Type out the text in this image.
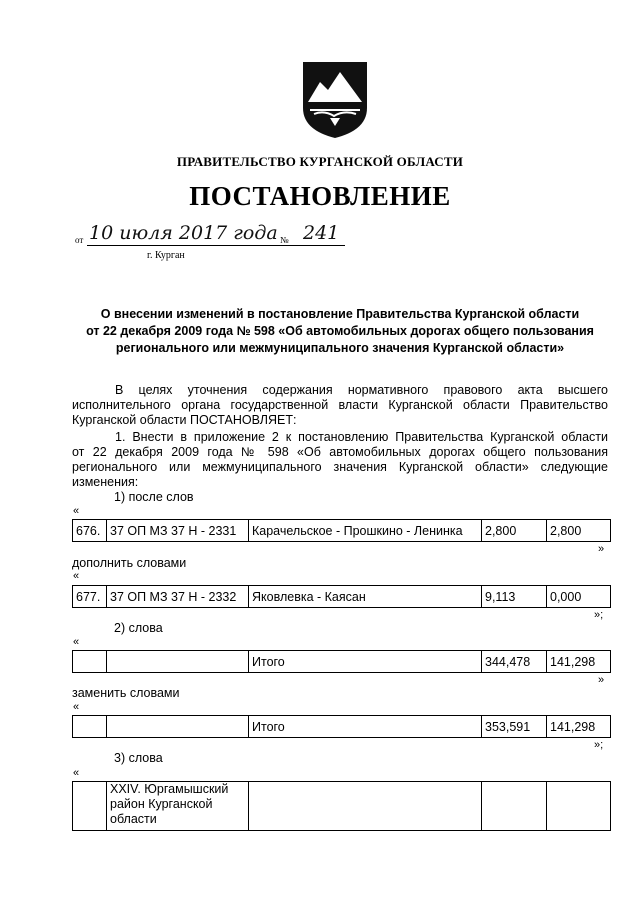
ПРАВИТЕЛЬСТВО КУРГАНСКОЙ ОБЛАСТИ
ПОСТАНОВЛЕНИЕ
от 10 июля 2017 года № 241
г. Курган
О внесении изменений в постановление Правительства Курганской области
от 22 декабря 2009 года № 598 «Об автомобильных дорогах общего пользования
регионального или межмуниципального значения Курганской области»
В целях уточнения содержания нормативного правового акта высшего
исполнительного органа государственной власти Курганской области Правительство
Курганской области ПОСТАНОВЛЯЕТ:
1. Внести в приложение 2 к постановлению Правительства Курганской области
от 22 декабря 2009 года № 598 «Об автомобильных дорогах общего пользования
регионального или межмуниципального значения Курганской области» следующие
изменения:
1) после слов
«
676.	37 ОП МЗ 37 Н - 2331	Карачельское - Прошкино - Ленинка	2,800	2,800
»
дополнить словами
«
677.	37 ОП МЗ 37 Н - 2332	Яковлевка - Каясан	9,113	0,000
»;
2) слова
«
		Итого	344,478	141,298
»
заменить словами
«
		Итого	353,591	141,298
»;
3) слова
«
	XXIV. Юргамышский район Курганской области			
